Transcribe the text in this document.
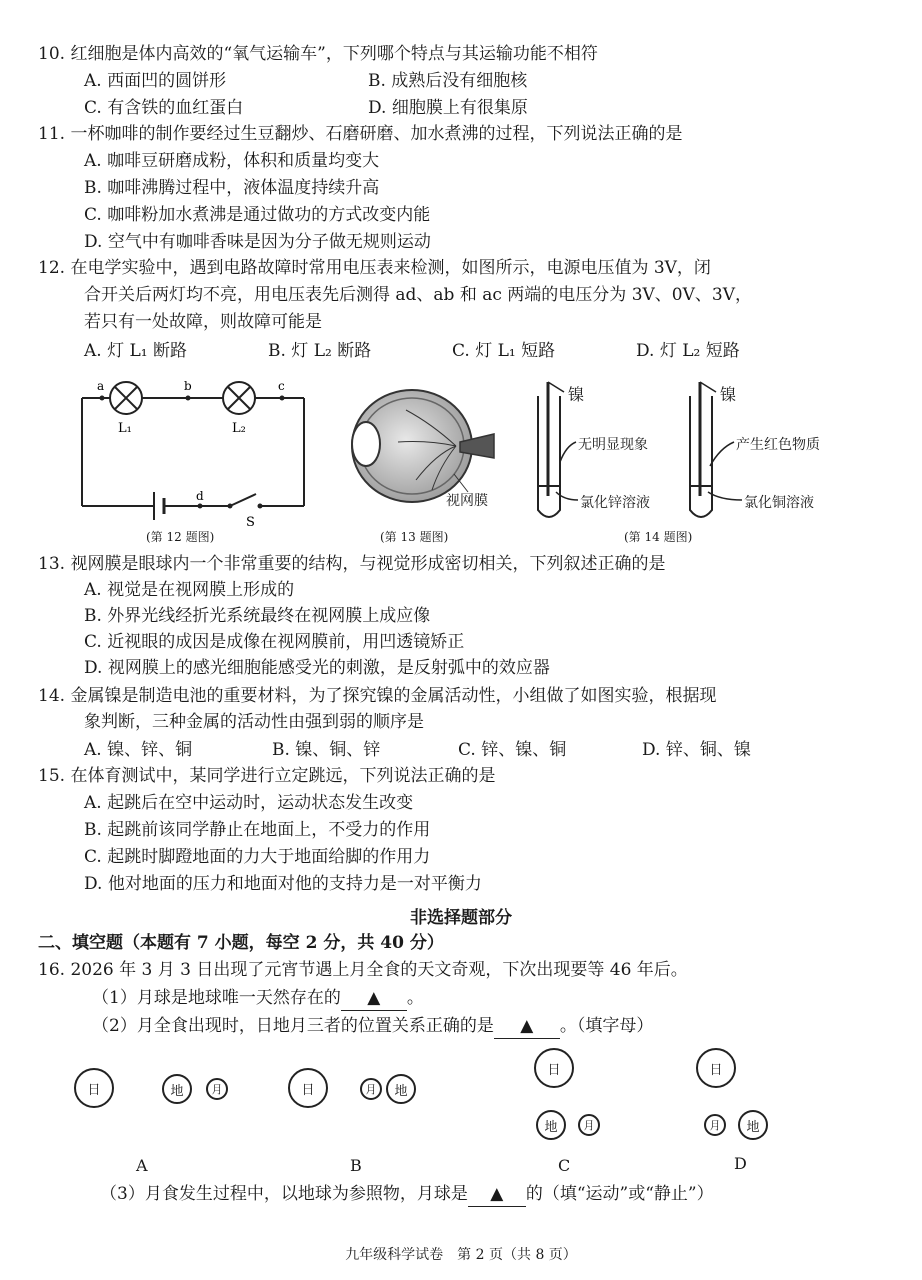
10. 红细胞是体内高效的“氧气运输车”，下列哪个特点与其运输功能不相符
A. 西面凹的圆饼形	B. 成熟后没有细胞核
C. 有含铁的血红蛋白	D. 细胞膜上有很集原
11. 一杯咖啡的制作要经过生豆翻炒、石磨研磨、加水煮沸的过程，下列说法正确的是
A. 咖啡豆研磨成粉，体积和质量均变大
B. 咖啡沸腾过程中，液体温度持续升高
C. 咖啡粉加水煮沸是通过做功的方式改变内能
D. 空气中有咖啡香味是因为分子做无规则运动
12. 在电学实验中，遇到电路故障时常用电压表来检测，如图所示，电源电压值为 3V，闭
合开关后两灯均不亮，用电压表先后测得 ad、ab 和 ac 两端的电压分为 3V、0V、3V，
若只有一处故障，则故障可能是
A. 灯 L₁ 断路	B. 灯 L₂ 断路	C. 灯 L₁ 短路	D. 灯 L₂ 短路
a	b	c
d
L₁	L₂
S
(第 12 题图)
视网膜
(第 13 题图)
镍
无明显现象
氯化锌溶液
镍
产生红色物质
氯化铜溶液
(第 14 题图)
13. 视网膜是眼球内一个非常重要的结构，与视觉形成密切相关，下列叙述正确的是
A. 视觉是在视网膜上形成的
B. 外界光线经折光系统最终在视网膜上成应像
C. 近视眼的成因是成像在视网膜前，用凹透镜矫正
D. 视网膜上的感光细胞能感受光的刺激，是反射弧中的效应器
14. 金属镍是制造电池的重要材料，为了探究镍的金属活动性，小组做了如图实验，根据现
象判断，三种金属的活动性由强到弱的顺序是
A. 镍、锌、铜	B. 镍、铜、锌	C. 锌、镍、铜	D. 锌、铜、镍
15. 在体育测试中，某同学进行立定跳远，下列说法正确的是
A. 起跳后在空中运动时，运动状态发生改变
B. 起跳前该同学静止在地面上，不受力的作用
C. 起跳时脚蹬地面的力大于地面给脚的作用力
D. 他对地面的压力和地面对他的支持力是一对平衡力
非选择题部分
二、填空题（本题有 7 小题，每空 2 分，共 40 分）
16. 2026 年 3 月 3 日出现了元宵节遇上月全食的天文奇观，下次出现要等 46 年后。
（1）月球是地球唯一天然存在的 ▲ 。
（2）月全食出现时，日地月三者的位置关系正确的是 ▲ 。（填字母）
日	地	月
A
日	月	地
B
日
地	月
C
日
月	地
D
（3）月食发生过程中，以地球为参照物，月球是 ▲ 的（填“运动”或“静止”）
九年级科学试卷　第 2 页（共 8 页）
